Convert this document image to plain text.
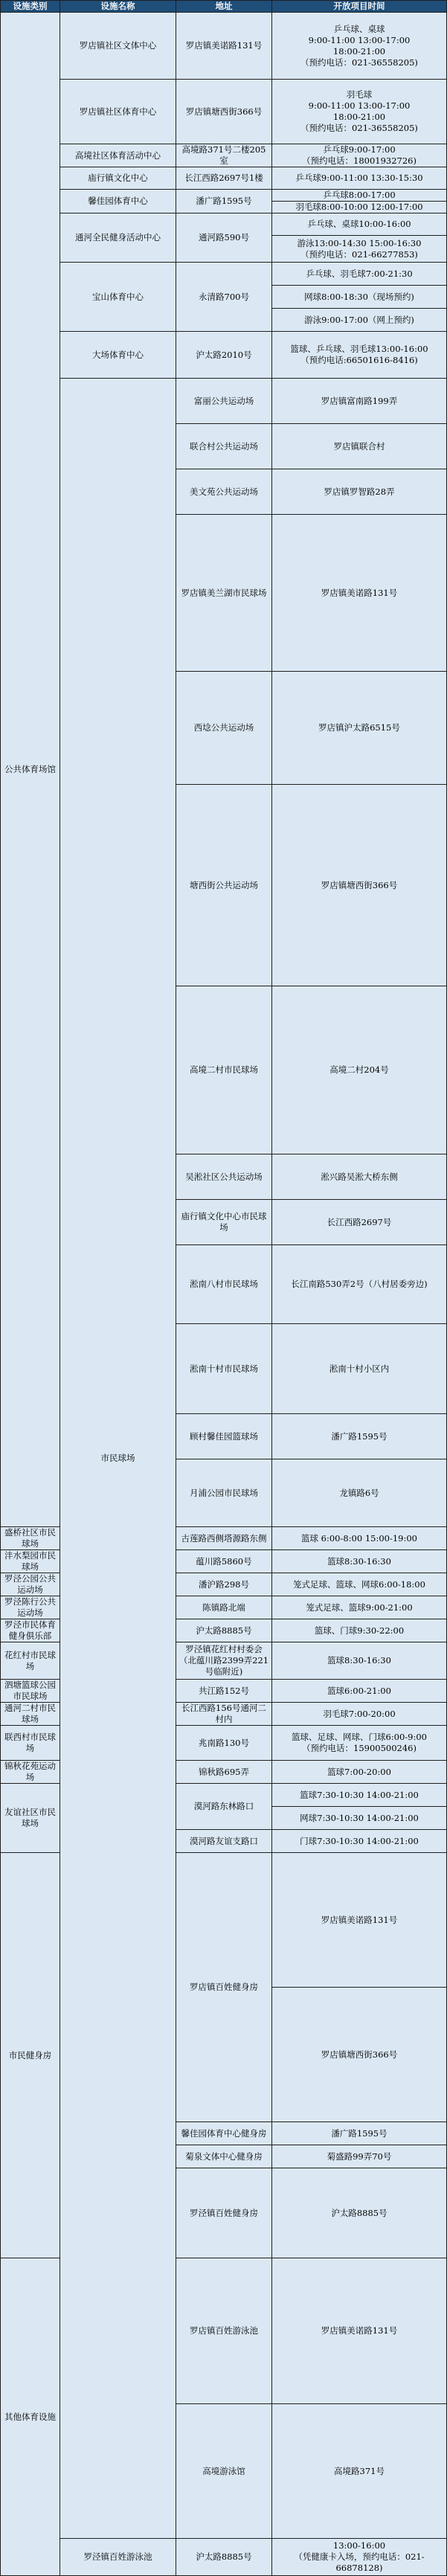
设施类别	设施名称	地址	开放项目时间	
公共体育场馆	罗店镇社区文体中心	罗店镇美诺路131号	乒乓球、桌球
9:00-11:00 13:00-17:00
18:00-21:00
（预约电话：021-36558205)	
	罗店镇社区体育中心	罗店镇塘西街366号	羽毛球
9:00-11:00 13:00-17:00
18:00-21:00
（预约电话：021-36558205)	
	高境社区体育活动中心	高境路371号二楼205室	乒乓球9:00-17:00
（预约电话：18001932726)	
	庙行镇文化中心	长江西路2697号1楼	乒乓球9:00-11:00 13:30-15:30	
	馨佳园体育中心	潘广路1595号	乒乓球8:00-17:00	
			羽毛球8:00-10:00 12:00-17:00	
	通河全民健身活动中心	通河路590号	乒乓球、桌球10:00-16:00	
			游泳13:00-14:30 15:00-16:30
（预约电话：021-66277853)	
	宝山体育中心	永清路700号	乒乓球、羽毛球7:00-21:30	
			网球8:00-18:30（现场预约)	
			游泳9:00-17:00（网上预约)	
	大场体育中心	沪太路2010号	篮球、乒乓球、羽毛球13:00-16:00
（预约电话:66501616-8416)	
	市民球场	富丽公共运动场	罗店镇富南路199弄	
		联合村公共运动场	罗店镇联合村	
		美文苑公共运动场	罗店镇罗智路28弄	
		罗店镇美兰湖市民球场	罗店镇美诺路131号	
		西埝公共运动场	罗店镇沪太路6515号	

		塘西街公共运动场	罗店镇塘西街366号	
		高境二村市民球场	高境二村204号	
		吴淞社区公共运动场	淞兴路吴淞大桥东侧	
		庙行镇文化中心市民球场	长江西路2697号	
		淞南八村市民球场	长江南路530弄2号（八村居委旁边)	
		淞南十村市民球场	淞南十村小区内	
		顾村馨佳园篮球场	潘广路1595号	
		月浦公园市民球场	龙镇路6号	
盛桥社区市民球场		古莲路西侧塔源路东侧	篮球 6:00-8:00 15:00-19:00	
沣水梨园市民球场		蕴川路5860号	篮球8:30-16:30	
罗泾公园公共运动场		潘沪路298号	笼式足球、篮球、网球6:00-18:00	
罗泾陈行公共运动场		陈镇路北端	笼式足球、篮球9:00-21:00	
罗泾市民体育健身俱乐部		沪太路8885号	篮球、门球9:30-22:00	
花红村市民球场		罗泾镇花红村村委会（北蕴川路2399弄221号临附近)	篮球8:30-16:30	
泗塘篮球公园市民球场		共江路152号	篮球6:00-21:00	
通河二村市民球场		长江西路156号通河二村内	羽毛球7:00-20:00	
联西村市民球场		兆南路130号	篮球、足球、网球、门球6:00-9:00
（预约电话：15900500246)	
锦秋花苑运动场		锦秋路695弄	篮球7:00-20:00	
友谊社区市民球场		漠河路东林路口	篮球7:30-10:30 14:00-21:00	
			网球7:30-10:30 14:00-21:00	
		漠河路友谊支路口	门球7:30-10:30 14:00-21:00	
市民健身房		罗店镇百姓健身房	罗店镇美诺路131号	
			罗店镇塘西街366号	
		馨佳园体育中心健身房	潘广路1595号	
		菊泉文体中心健身房	菊盛路99弄70号	
		罗泾镇百姓健身房	沪太路8885号	
其他体育设施		罗店镇百姓游泳池	罗店镇美诺路131号	
		高境游泳馆	高境路371号	
	罗泾镇百姓游泳池	沪太路8885号	13:00-16:00
（凭健康卡入场，预约电话：021-66878128)	
